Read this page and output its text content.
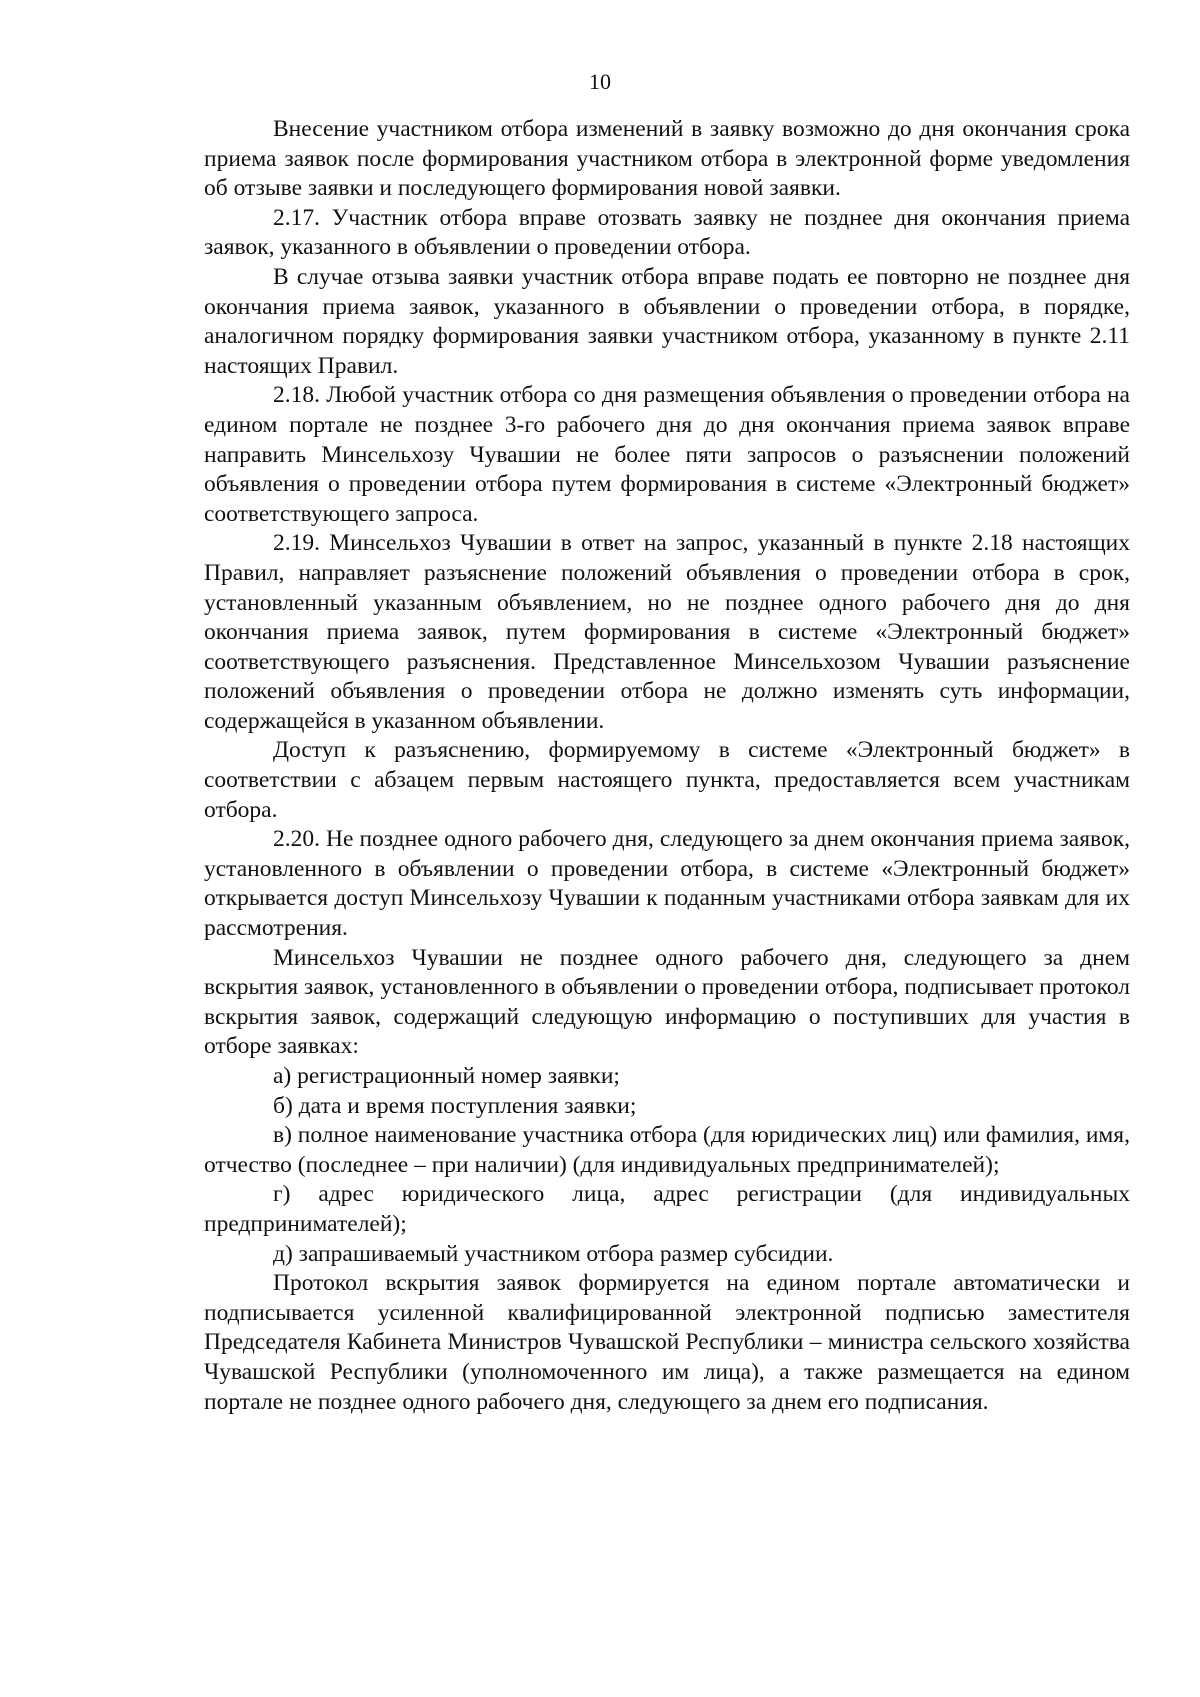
10

Внесение участником отбора изменений в заявку возможно до дня окончания срока приема заявок после формирования участником отбора в электронной форме уведомления об отзыве заявки и последующего формирования новой заявки.

2.17. Участник отбора вправе отозвать заявку не позднее дня окончания приема заявок, указанного в объявлении о проведении отбора.

В случае отзыва заявки участник отбора вправе подать ее повторно не позднее дня окончания приема заявок, указанного в объявлении о проведении отбора, в порядке, аналогичном порядку формирования заявки участником отбора, указанному в пункте 2.11 настоящих Правил.

2.18. Любой участник отбора со дня размещения объявления о проведении отбора на едином портале не позднее 3-го рабочего дня до дня окончания приема заявок вправе направить Минсельхозу Чувашии не более пяти запросов о разъяснении положений объявления о проведении отбора путем формирования в системе «Электронный бюджет» соответствующего запроса.

2.19. Минсельхоз Чувашии в ответ на запрос, указанный в пункте 2.18 настоящих Правил, направляет разъяснение положений объявления о проведении отбора в срок, установленный указанным объявлением, но не позднее одного рабочего дня до дня окончания приема заявок, путем формирования в системе «Электронный бюджет» соответствующего разъяснения. Представленное Минсельхозом Чувашии разъяснение положений объявления о проведении отбора не должно изменять суть информации, содержащейся в указанном объявлении.

Доступ к разъяснению, формируемому в системе «Электронный бюджет» в соответствии с абзацем первым настоящего пункта, предоставляется всем участникам отбора.

2.20. Не позднее одного рабочего дня, следующего за днем окончания приема заявок, установленного в объявлении о проведении отбора, в системе «Электронный бюджет» открывается доступ Минсельхозу Чувашии к поданным участниками отбора заявкам для их рассмотрения.

Минсельхоз Чувашии не позднее одного рабочего дня, следующего за днем вскрытия заявок, установленного в объявлении о проведении отбора, подписывает протокол вскрытия заявок, содержащий следующую информацию о поступивших для участия в отборе заявках:

а) регистрационный номер заявки;

б) дата и время поступления заявки;

в) полное наименование участника отбора (для юридических лиц) или фамилия, имя, отчество (последнее – при наличии) (для индивидуальных предпринимателей);

г) адрес юридического лица, адрес регистрации (для индивидуальных предпринимателей);

д) запрашиваемый участником отбора размер субсидии.

Протокол вскрытия заявок формируется на едином портале автоматически и подписывается усиленной квалифицированной электронной подписью заместителя Председателя Кабинета Министров Чувашской Республики – министра сельского хозяйства Чувашской Республики (уполномоченного им лица), а также размещается на едином портале не позднее одного рабочего дня, следующего за днем его подписания.
